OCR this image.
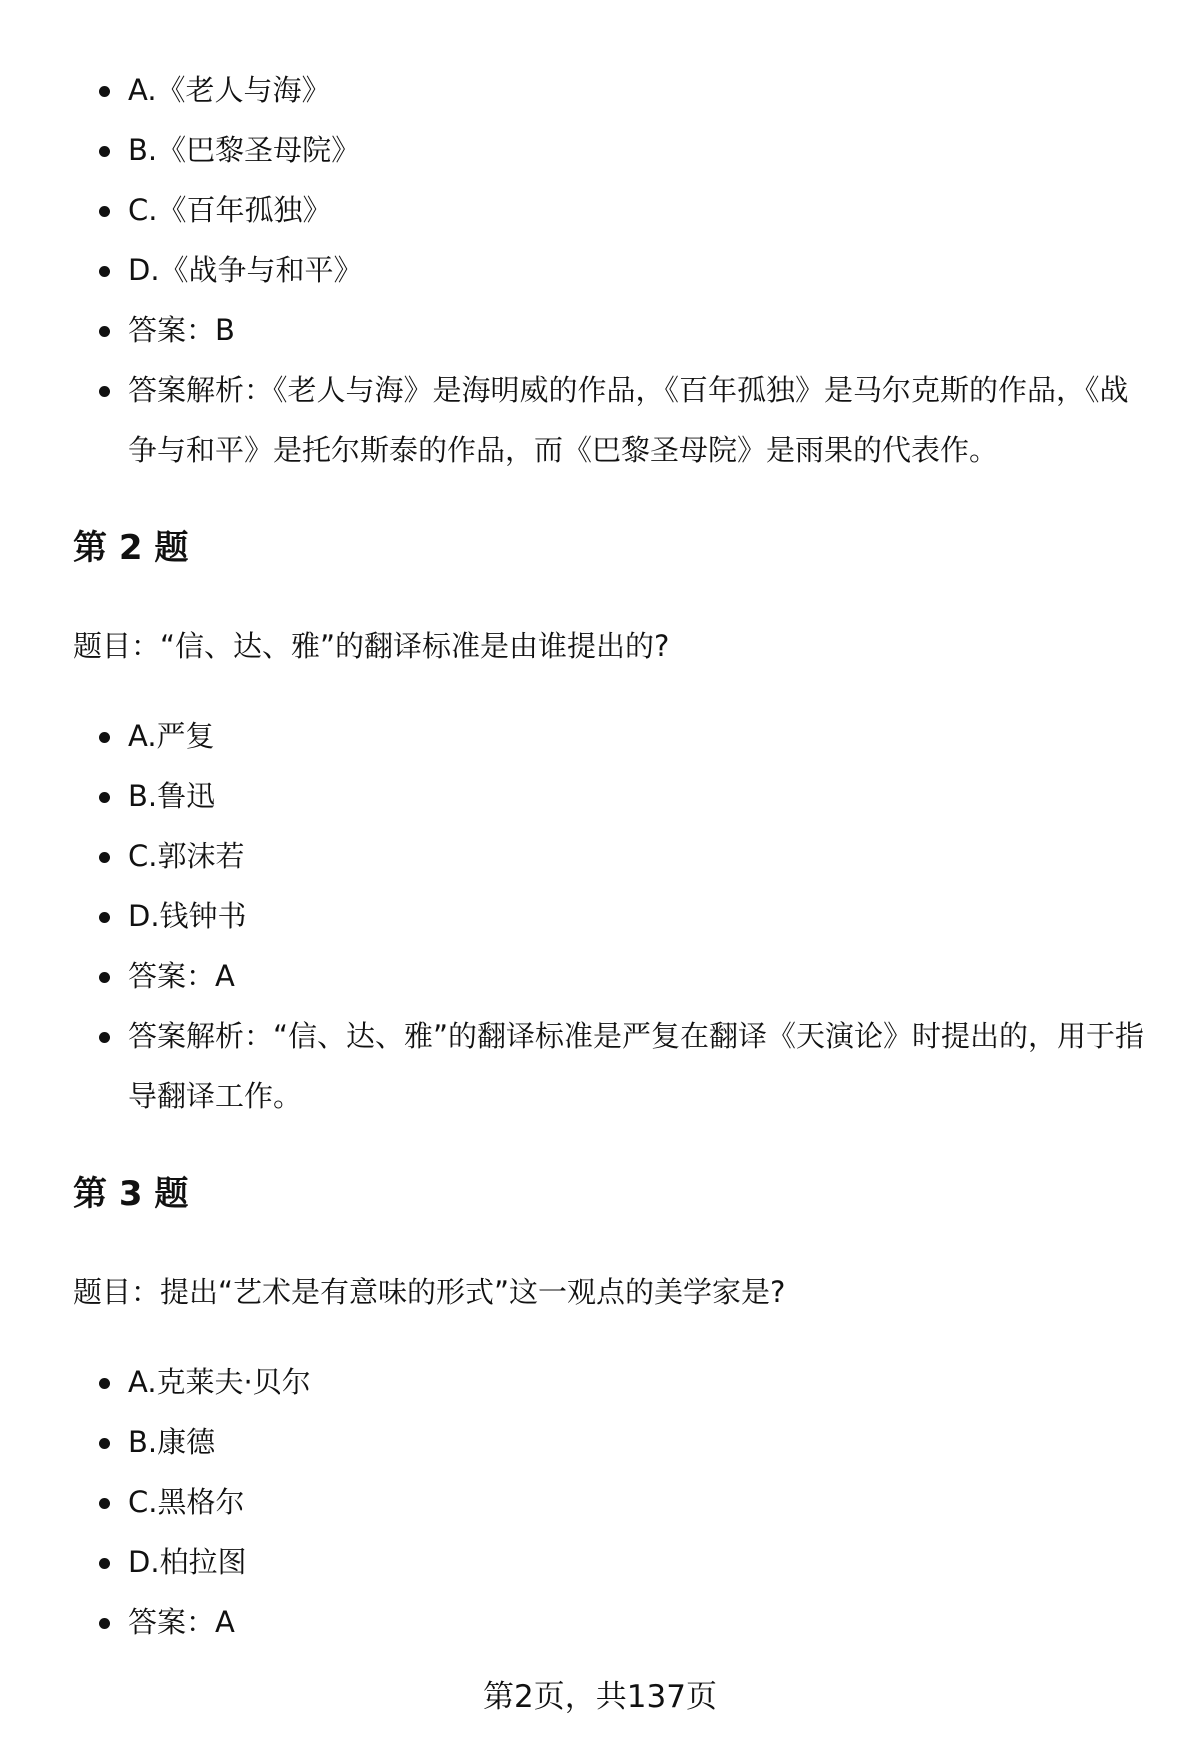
A.《老人与海》
B.《巴黎圣母院》
C.《百年孤独》
D.《战争与和平》
答案：B
答案解析：《老人与海》是海明威的作品，《百年孤独》是马尔克斯的作品，《战争与和平》是托尔斯泰的作品，而《巴黎圣母院》是雨果的代表作。
第 2 题
题目：“信、达、雅”的翻译标准是由谁提出的?
A.严复
B.鲁迅
C.郭沫若
D.钱钟书
答案：A
答案解析：“信、达、雅”的翻译标准是严复在翻译《天演论》时提出的，用于指导翻译工作。
第 3 题
题目：提出“艺术是有意味的形式”这一观点的美学家是?
A.克莱夫·贝尔
B.康德
C.黑格尔
D.柏拉图
答案：A
第2页，共137页
